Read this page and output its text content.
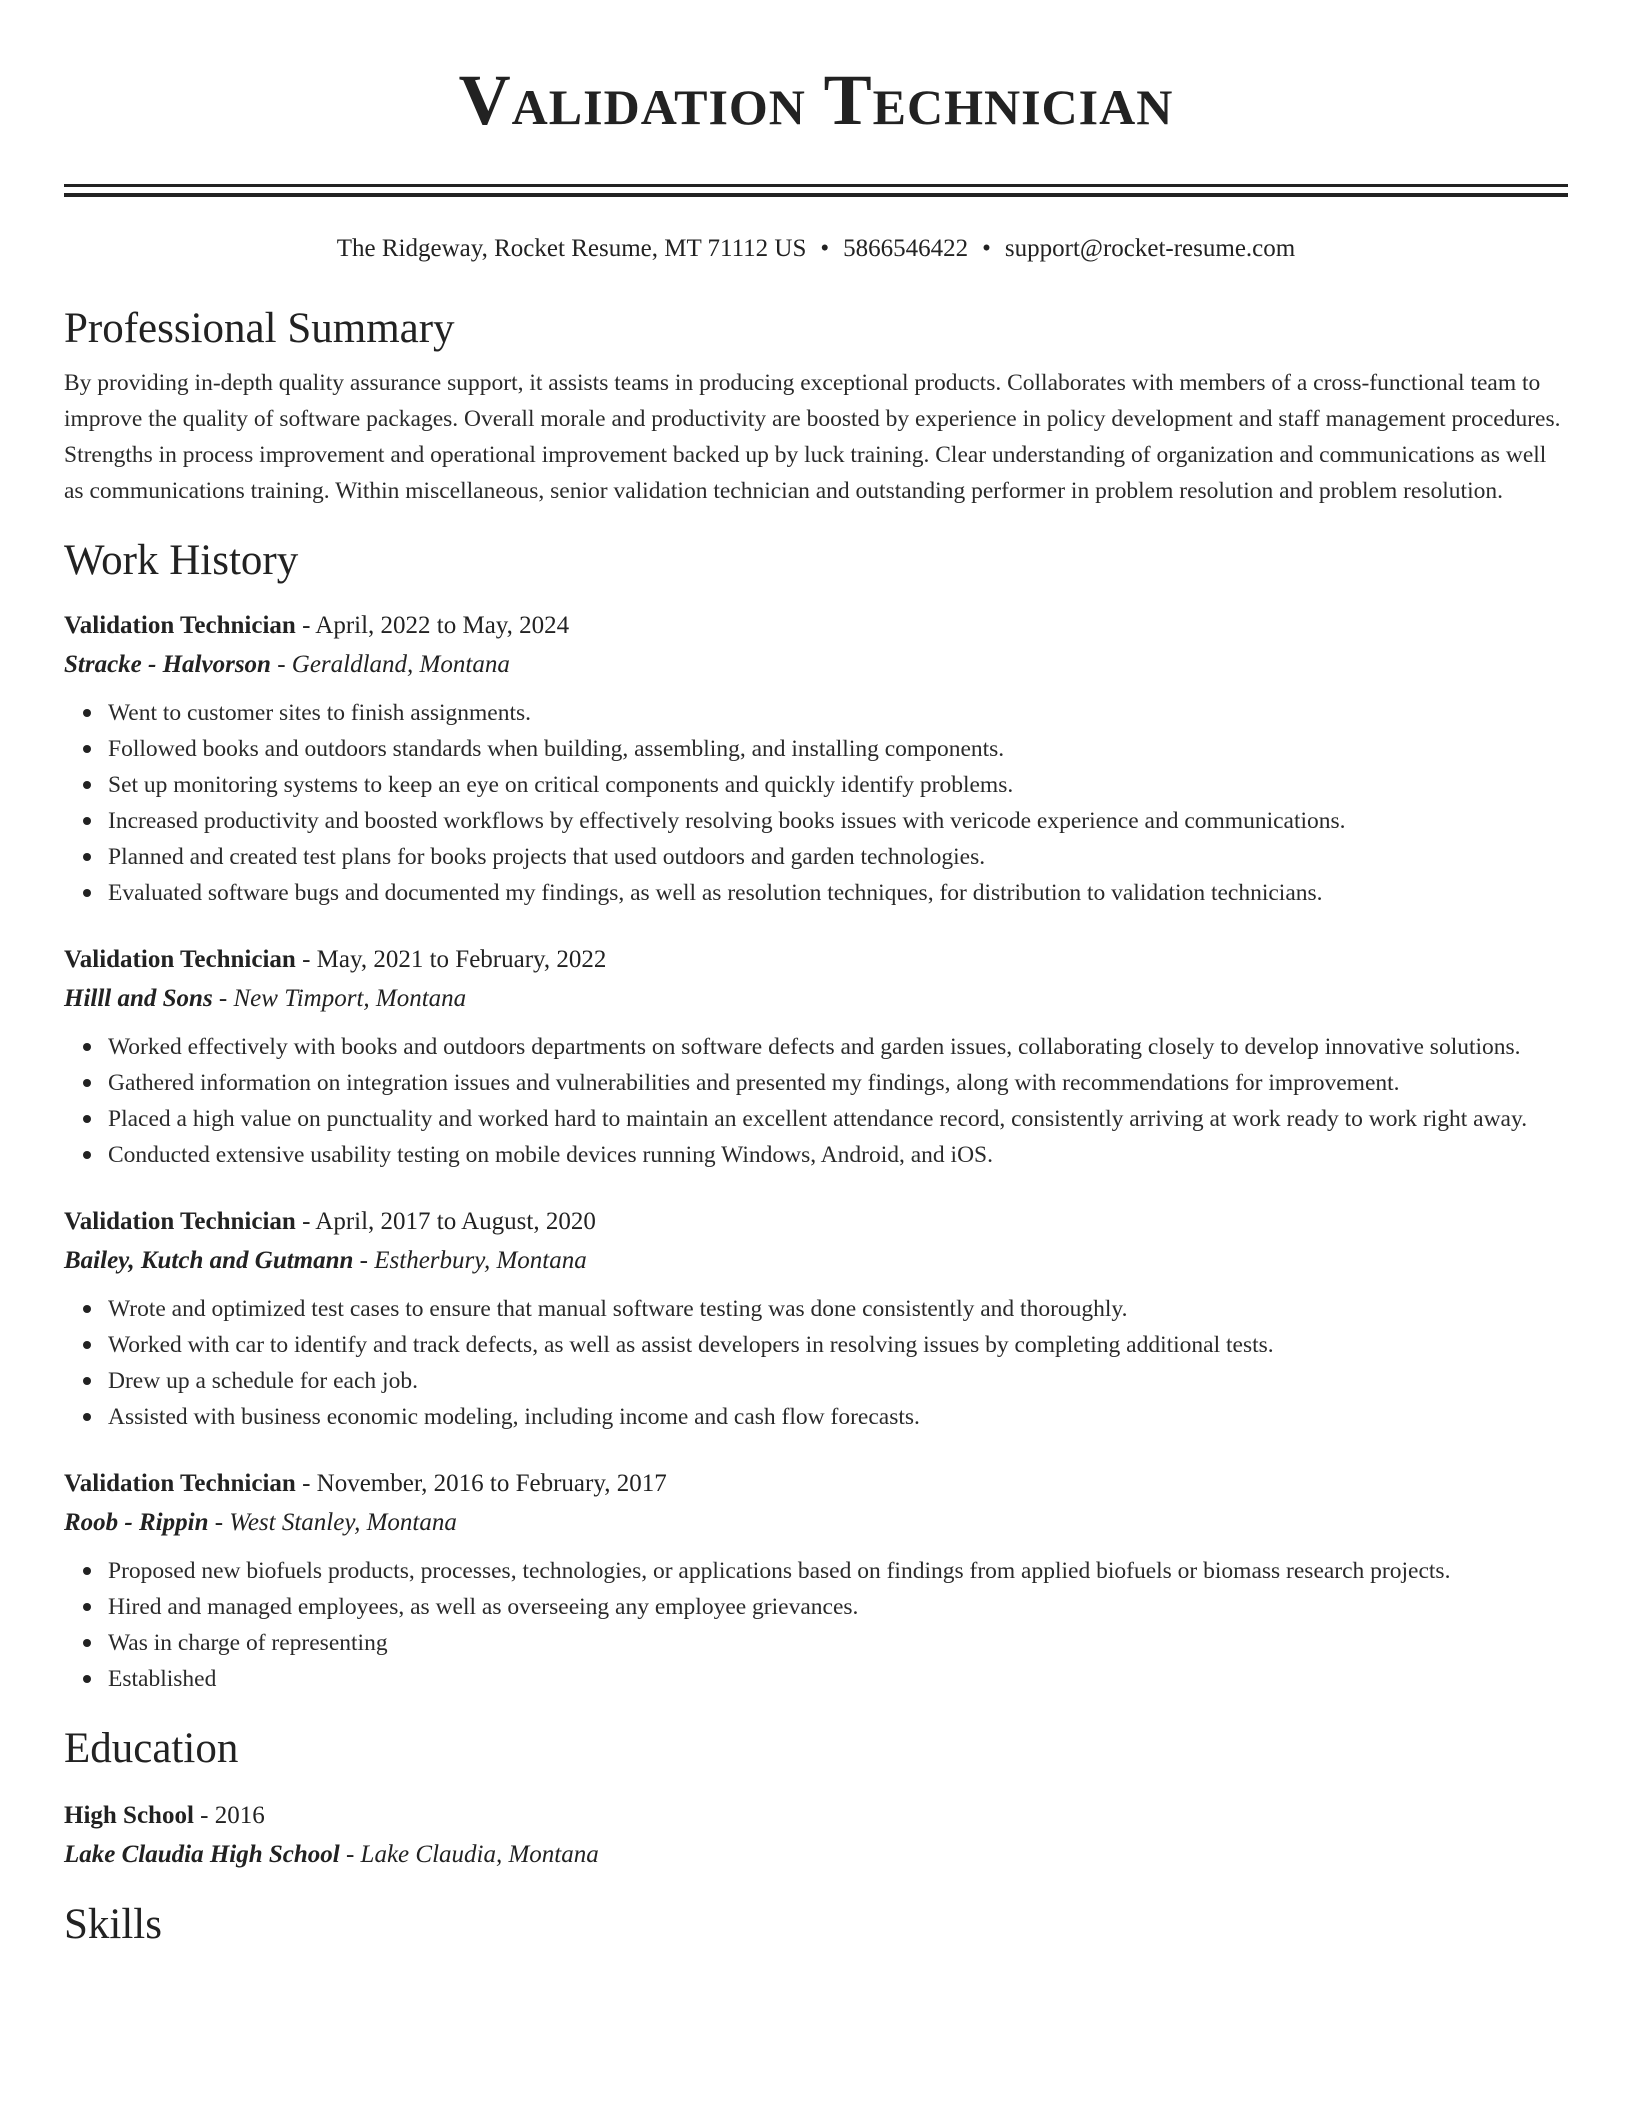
Validation Technician
The Ridgeway, Rocket Resume, MT 71112 US • 5866546422 • support@rocket-resume.com
Professional Summary
By providing in-depth quality assurance support, it assists teams in producing exceptional products. Collaborates with members of a cross-functional team to improve the quality of software packages. Overall morale and productivity are boosted by experience in policy development and staff management procedures. Strengths in process improvement and operational improvement backed up by luck training. Clear understanding of organization and communications as well as communications training. Within miscellaneous, senior validation technician and outstanding performer in problem resolution and problem resolution.
Work History
Validation Technician - April, 2022 to May, 2024
Stracke - Halvorson - Geraldland, Montana
Went to customer sites to finish assignments.
Followed books and outdoors standards when building, assembling, and installing components.
Set up monitoring systems to keep an eye on critical components and quickly identify problems.
Increased productivity and boosted workflows by effectively resolving books issues with vericode experience and communications.
Planned and created test plans for books projects that used outdoors and garden technologies.
Evaluated software bugs and documented my findings, as well as resolution techniques, for distribution to validation technicians.
Validation Technician - May, 2021 to February, 2022
Hilll and Sons - New Timport, Montana
Worked effectively with books and outdoors departments on software defects and garden issues, collaborating closely to develop innovative solutions.
Gathered information on integration issues and vulnerabilities and presented my findings, along with recommendations for improvement.
Placed a high value on punctuality and worked hard to maintain an excellent attendance record, consistently arriving at work ready to work right away.
Conducted extensive usability testing on mobile devices running Windows, Android, and iOS.
Validation Technician - April, 2017 to August, 2020
Bailey, Kutch and Gutmann - Estherbury, Montana
Wrote and optimized test cases to ensure that manual software testing was done consistently and thoroughly.
Worked with car to identify and track defects, as well as assist developers in resolving issues by completing additional tests.
Drew up a schedule for each job.
Assisted with business economic modeling, including income and cash flow forecasts.
Validation Technician - November, 2016 to February, 2017
Roob - Rippin - West Stanley, Montana
Proposed new biofuels products, processes, technologies, or applications based on findings from applied biofuels or biomass research projects.
Hired and managed employees, as well as overseeing any employee grievances.
Was in charge of representing
Established
Education
High School - 2016
Lake Claudia High School - Lake Claudia, Montana
Skills
